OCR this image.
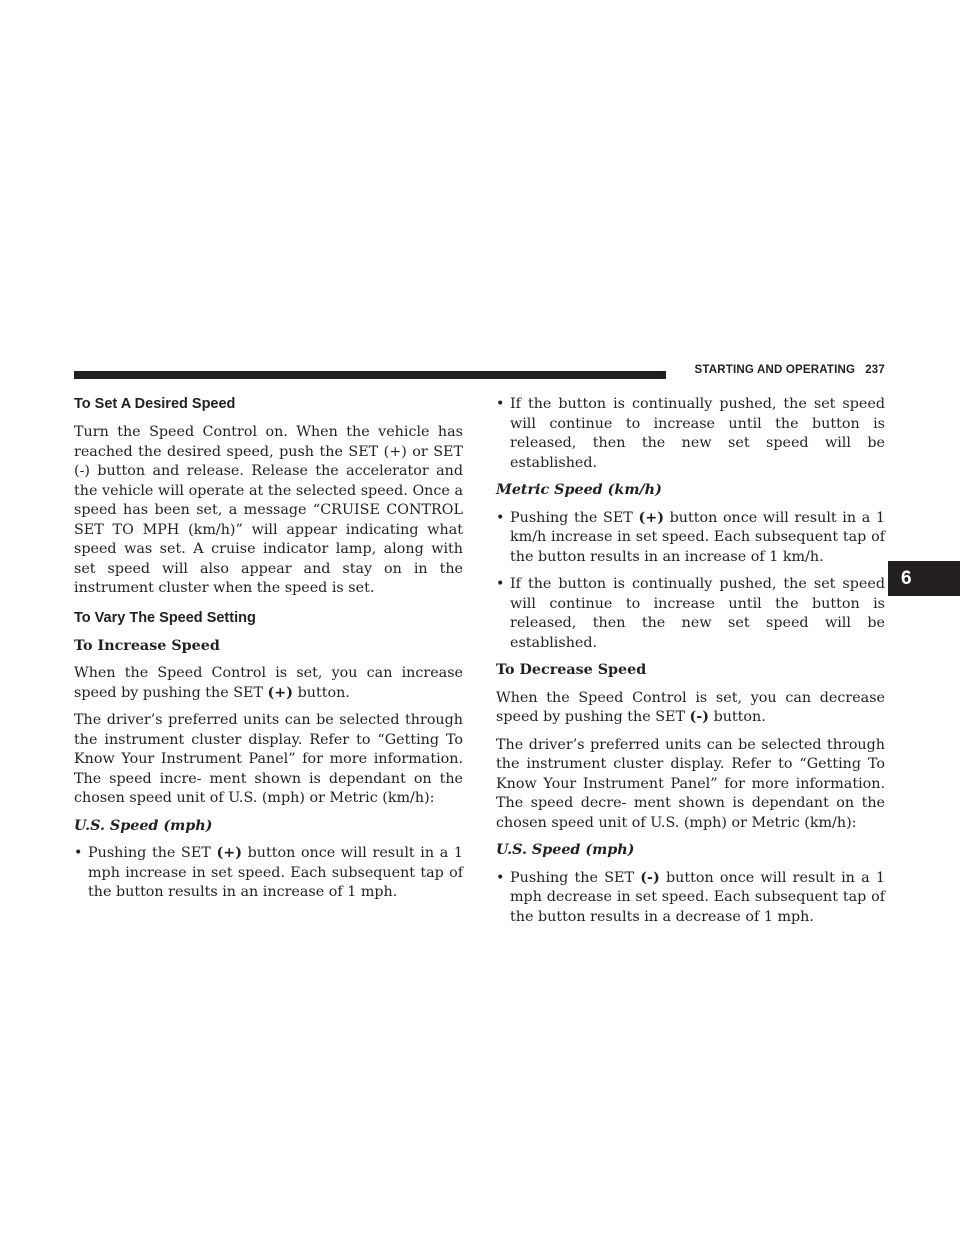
STARTING AND OPERATING 237
6
To Set A Desired Speed

Turn the Speed Control on. When the vehicle has reached the desired speed, push the SET (+) or SET (-) button and release. Release the accelerator and the vehicle will operate at the selected speed. Once a speed has been set, a message “CRUISE CONTROL SET TO MPH (km/h)” will appear indicating what speed was set. A cruise indicator lamp, along with set speed will also appear and stay on in the instrument cluster when the speed is set.

To Vary The Speed Setting
To Increase Speed

When the Speed Control is set, you can increase speed by pushing the SET (+) button.

The driver’s preferred units can be selected through the instrument cluster display. Refer to “Getting To Know Your Instrument Panel” for more information. The speed incre- ment shown is dependant on the chosen speed unit of U.S. (mph) or Metric (km/h):

U.S. Speed (mph)
• Pushing the SET (+) button once will result in a 1 mph increase in set speed. Each subsequent tap of the button results in an increase of 1 mph.
• If the button is continually pushed, the set speed will continue to increase until the button is released, then the new set speed will be established.
Metric Speed (km/h)
• Pushing the SET (+) button once will result in a 1 km/h increase in set speed. Each subsequent tap of the button results in an increase of 1 km/h.
• If the button is continually pushed, the set speed will continue to increase until the button is released, then the new set speed will be established.
To Decrease Speed

When the Speed Control is set, you can decrease speed by pushing the SET (-) button.

The driver’s preferred units can be selected through the instrument cluster display. Refer to “Getting To Know Your Instrument Panel” for more information. The speed decre- ment shown is dependant on the chosen speed unit of U.S. (mph) or Metric (km/h):

U.S. Speed (mph)
• Pushing the SET (-) button once will result in a 1 mph decrease in set speed. Each subsequent tap of the button results in a decrease of 1 mph.
